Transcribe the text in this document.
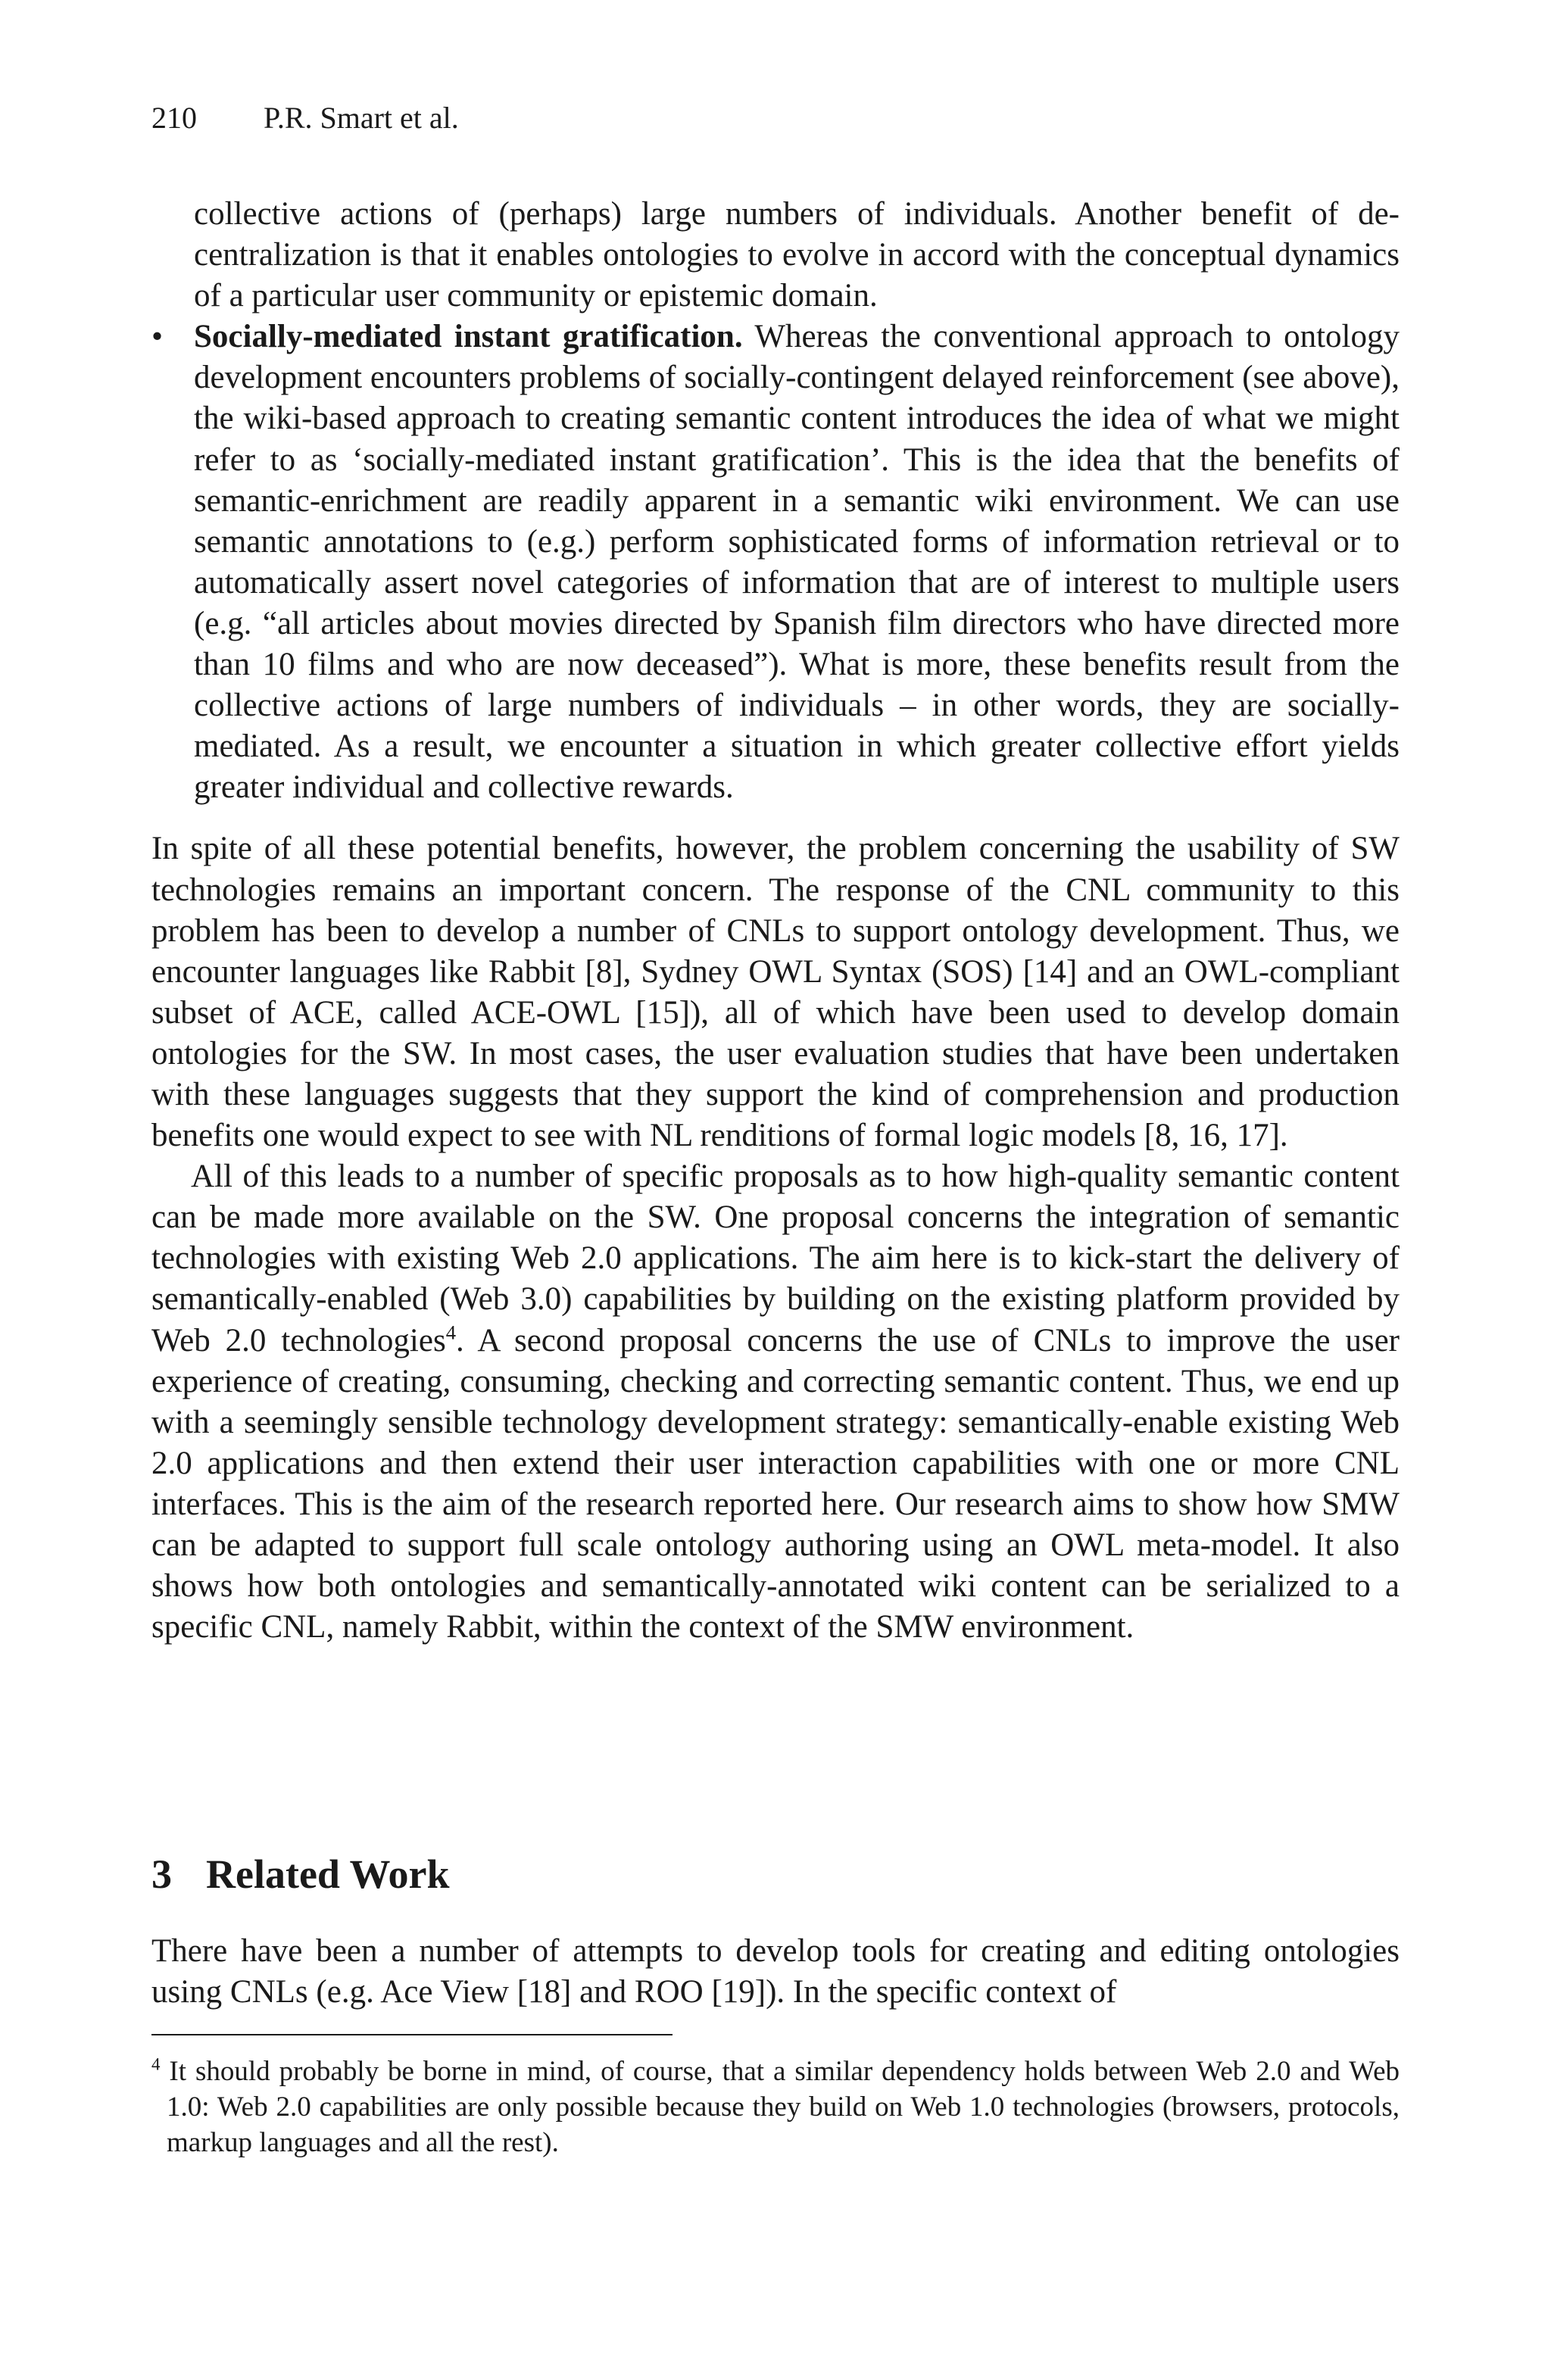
210 P.R. Smart et al.

collective actions of (perhaps) large numbers of individuals. Another benefit of decentralization is that it enables ontologies to evolve in accord with the conceptual dynamics of a particular user community or epistemic domain.

• Socially-mediated instant gratification. Whereas the conventional approach to ontology development encounters problems of socially-contingent delayed reinforcement (see above), the wiki-based approach to creating semantic content introduces the idea of what we might refer to as ‘socially-mediated instant gratification’. This is the idea that the benefits of semantic-enrichment are readily apparent in a semantic wiki environment. We can use semantic annotations to (e.g.) perform sophisticated forms of information retrieval or to automatically assert novel categories of information that are of interest to multiple users (e.g. “all articles about movies directed by Spanish film directors who have directed more than 10 films and who are now deceased”). What is more, these benefits result from the collective actions of large numbers of individuals – in other words, they are socially-mediated. As a result, we encounter a situation in which greater collective effort yields greater individual and collective rewards.

In spite of all these potential benefits, however, the problem concerning the usability of SW technologies remains an important concern. The response of the CNL community to this problem has been to develop a number of CNLs to support ontology development. Thus, we encounter languages like Rabbit [8], Sydney OWL Syntax (SOS) [14] and an OWL-compliant subset of ACE, called ACE-OWL [15]), all of which have been used to develop domain ontologies for the SW. In most cases, the user evaluation studies that have been undertaken with these languages suggests that they support the kind of comprehension and production benefits one would expect to see with NL renditions of formal logic models [8, 16, 17].

All of this leads to a number of specific proposals as to how high-quality semantic content can be made more available on the SW. One proposal concerns the integration of semantic technologies with existing Web 2.0 applications. The aim here is to kick-start the delivery of semantically-enabled (Web 3.0) capabilities by building on the existing platform provided by Web 2.0 technologies$^4$. A second proposal concerns the use of CNLs to improve the user experience of creating, consuming, checking and correcting semantic content. Thus, we end up with a seemingly sensible technology development strategy: semantically-enable existing Web 2.0 applications and then extend their user interaction capabilities with one or more CNL interfaces. This is the aim of the research reported here. Our research aims to show how SMW can be adapted to support full scale ontology authoring using an OWL meta-model. It also shows how both ontologies and semantically-annotated wiki content can be serialized to a specific CNL, namely Rabbit, within the context of the SMW environment.

3 Related Work

There have been a number of attempts to develop tools for creating and editing ontologies using CNLs (e.g. Ace View [18] and ROO [19]). In the specific context of

$^4$ It should probably be borne in mind, of course, that a similar dependency holds between Web 2.0 and Web 1.0: Web 2.0 capabilities are only possible because they build on Web 1.0 technologies (browsers, protocols, markup languages and all the rest).
